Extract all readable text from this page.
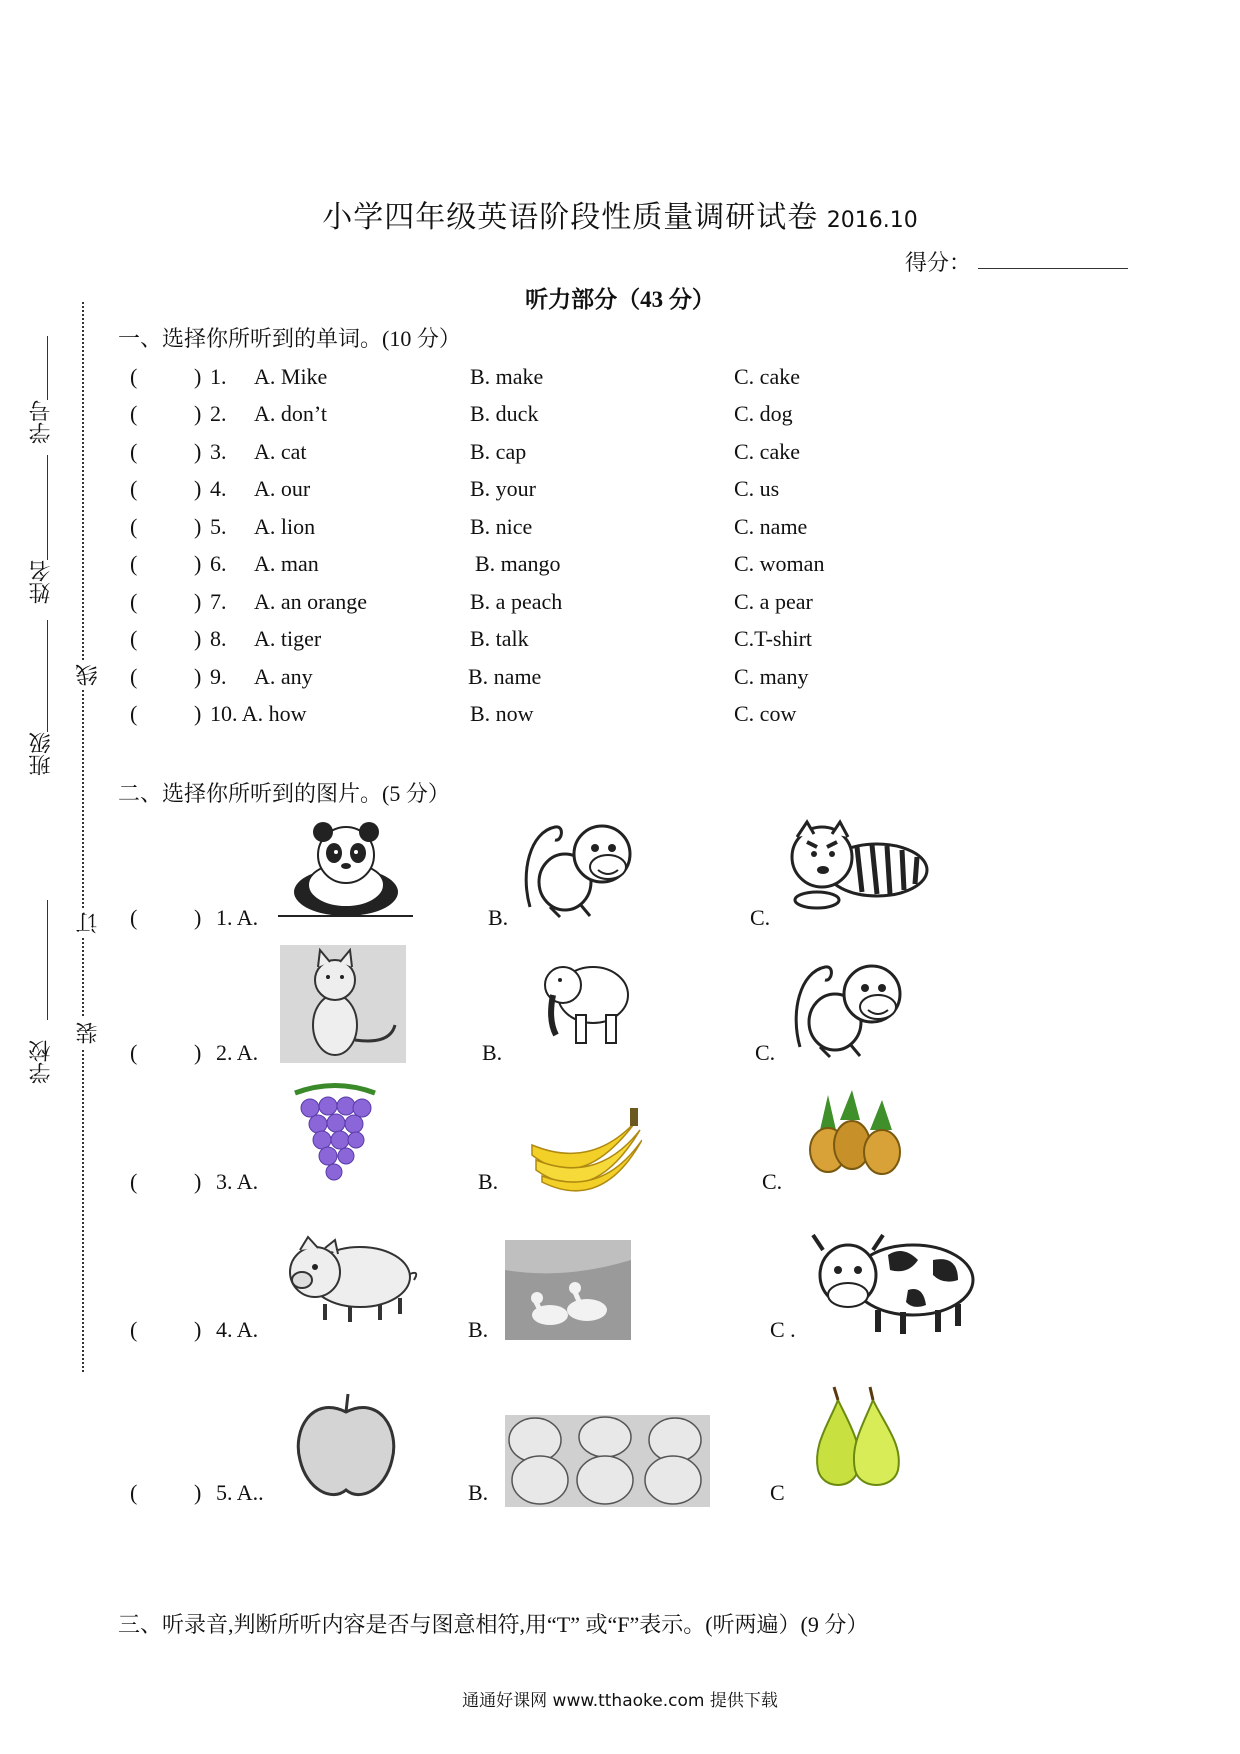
小学四年级英语阶段性质量调研试卷 2016.10
得分：
听力部分（43 分）
线
订
装
学号
姓名
班级
学校
一、选择你所听到的单词。(10 分）
(	) 1. A. Mike	B. make	C. cake
(	) 2. A. don’t	B. duck	C. dog
(	) 3. A. cat	B. cap	C. cake
(	) 4. A. our	B. your	C. us
(	) 5. A. lion	B. nice	C. name
(	) 6. A. man	B. mango	C. woman
(	) 7. A. an orange	B. a peach	C. a pear
(	) 8. A. tiger	B. talk	C.T-shirt
(	) 9. A. any	B. name	C. many
(	) 10. A. how	B. now	C. cow
二、选择你所听到的图片。(5 分）
(	) 1. A.	B.	C.
(	) 2. A.	B.	C.
(	) 3. A.	B.	C.
(	) 4. A.	B.	C .
(	) 5. A..	B.	C
三、听录音,判断所听内容是否与图意相符,用“T” 或“F”表示。(听两遍）(9 分）
通通好课网 www.tthaoke.com 提供下载
